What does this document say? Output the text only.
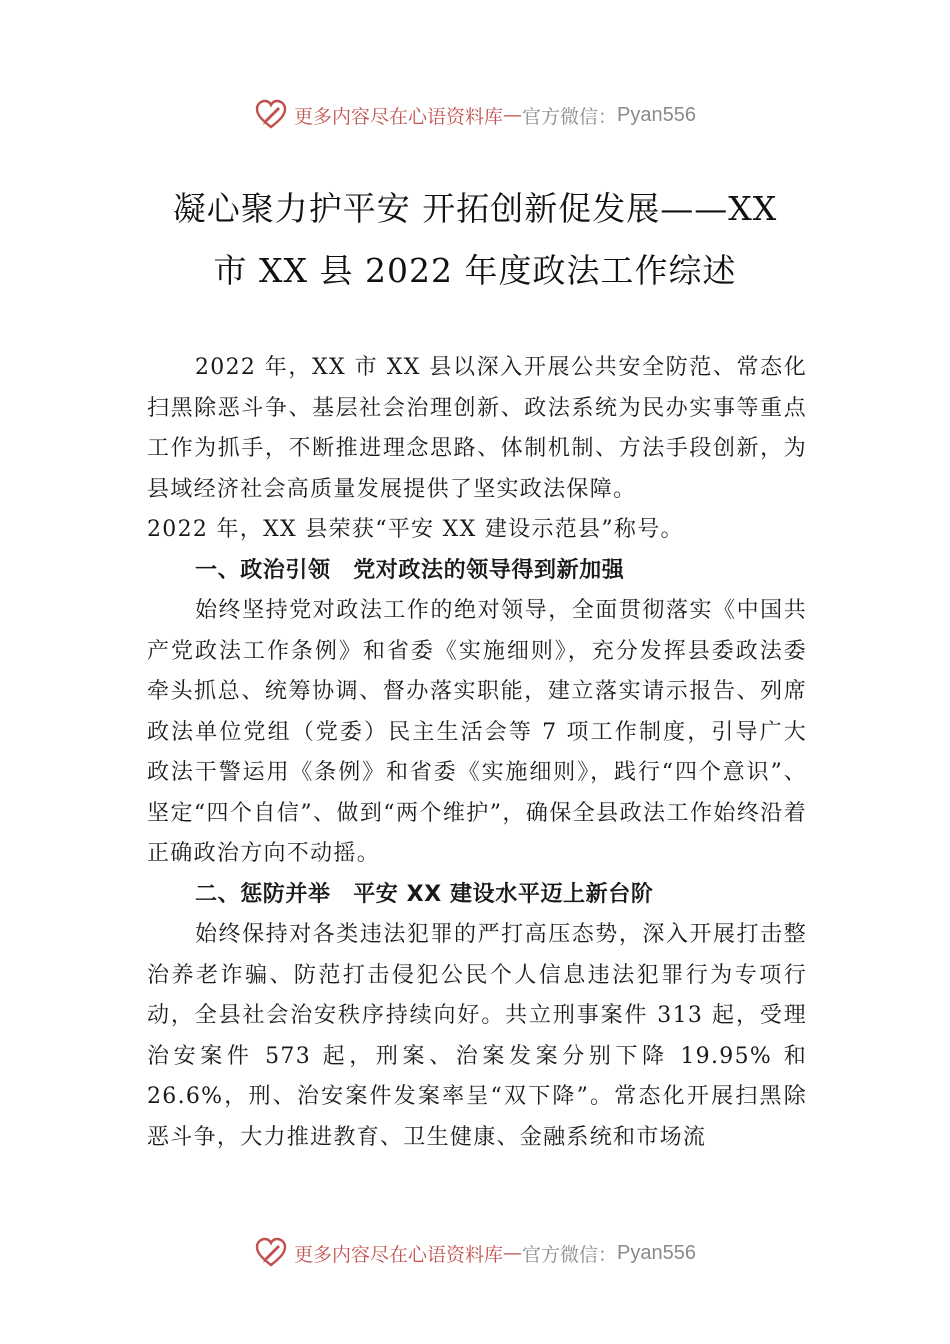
更多内容尽在心语资料库 — 官方微信： Pyan556
凝心聚力护平安 开拓创新促发展——XX
市 XX 县 2022 年度政法工作综述

2022 年，XX 市 XX 县以深入开展公共安全防范、常态化扫黑除恶斗争、基层社会治理创新、政法系统为民办实事等重点工作为抓手，不断推进理念思路、体制机制、方法手段创新，为县域经济社会高质量发展提供了坚实政法保障。

2022 年，XX 县荣获“平安 XX 建设示范县”称号。

一、政治引领　党对政法的领导得到新加强

始终坚持党对政法工作的绝对领导，全面贯彻落实《中国共产党政法工作条例》和省委《实施细则》，充分发挥县委政法委牵头抓总、统筹协调、督办落实职能，建立落实请示报告、列席政法单位党组（党委）民主生活会等 7 项工作制度，引导广大政法干警运用《条例》和省委《实施细则》，践行“四个意识”、坚定“四个自信”、做到“两个维护”，确保全县政法工作始终沿着正确政治方向不动摇。

二、惩防并举　平安 XX 建设水平迈上新台阶

始终保持对各类违法犯罪的严打高压态势，深入开展打击整治养老诈骗、防范打击侵犯公民个人信息违法犯罪行为专项行动，全县社会治安秩序持续向好。共立刑事案件 313 起，受理治安案件 573 起，刑案、治案发案分别下降 19.95% 和 26.6%，刑、治安案件发案率呈“双下降”。常态化开展扫黑除恶斗争，大力推进教育、卫生健康、金融系统和市场流

更多内容尽在心语资料库 — 官方微信： Pyan556
